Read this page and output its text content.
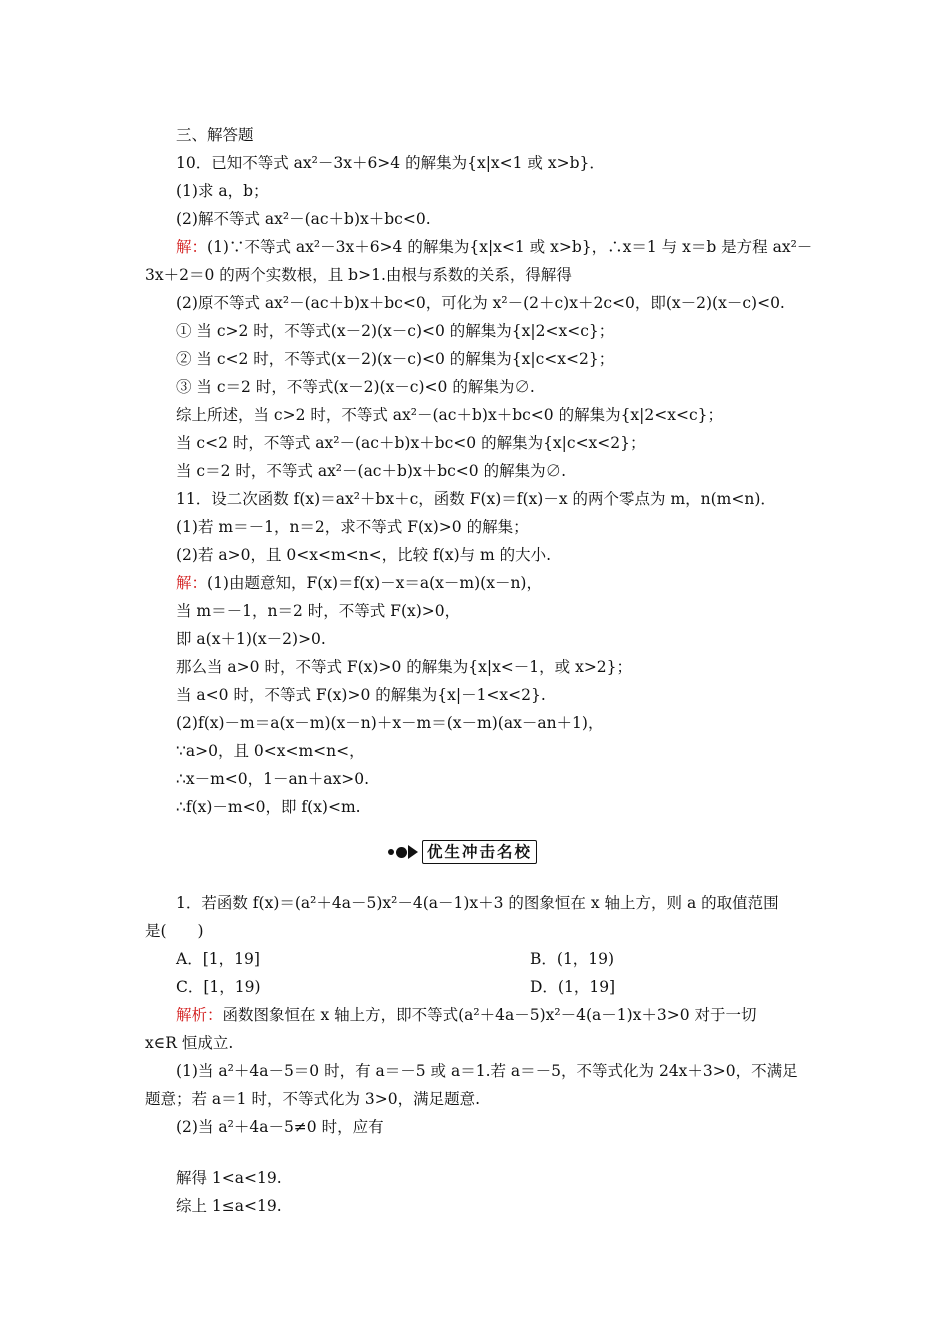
三、解答题
10．已知不等式 ax²－3x＋6>4 的解集为{x|x<1 或 x>b}．
(1)求 a，b；
(2)解不等式 ax²－(ac＋b)x＋bc<0.
解：(1)∵不等式 ax²－3x＋6>4 的解集为{x|x<1 或 x>b}，∴x＝1 与 x＝b 是方程 ax²－
3x＋2＝0 的两个实数根，且 b>1.由根与系数的关系，得解得
(2)原不等式 ax²－(ac＋b)x＋bc<0，可化为 x²－(2＋c)x＋2c<0，即(x－2)(x－c)<0.
① 当 c>2 时，不等式(x－2)(x－c)<0 的解集为{x|2<x<c}；
② 当 c<2 时，不等式(x－2)(x－c)<0 的解集为{x|c<x<2}；
③ 当 c＝2 时，不等式(x－2)(x－c)<0 的解集为∅.
综上所述，当 c>2 时，不等式 ax²－(ac＋b)x＋bc<0 的解集为{x|2<x<c}；
当 c<2 时，不等式 ax²－(ac＋b)x＋bc<0 的解集为{x|c<x<2}；
当 c＝2 时，不等式 ax²－(ac＋b)x＋bc<0 的解集为∅.
11．设二次函数 f(x)＝ax²＋bx＋c，函数 F(x)＝f(x)－x 的两个零点为 m，n(m<n)．
(1)若 m＝－1，n＝2，求不等式 F(x)>0 的解集；
(2)若 a>0，且 0<x<m<n<，比较 f(x)与 m 的大小.
解：(1)由题意知，F(x)＝f(x)－x＝a(x－m)(x－n)，
当 m＝－1，n＝2 时，不等式 F(x)>0，
即 a(x＋1)(x－2)>0.
那么当 a>0 时，不等式 F(x)>0 的解集为{x|x<－1，或 x>2}；
当 a<0 时，不等式 F(x)>0 的解集为{x|－1<x<2}.
(2)f(x)－m＝a(x－m)(x－n)＋x－m＝(x－m)(ax－an＋1)，
∵a>0，且 0<x<m<n<，
∴x－m<0，1－an＋ax>0.
∴f(x)－m<0，即 f(x)<m.
优生冲击名校
1．若函数 f(x)＝(a²＋4a－5)x²－4(a－1)x＋3 的图象恒在 x 轴上方，则 a 的取值范围
是(　　)
A．[1，19]	B．(1，19)
C．[1，19)	D．(1，19]
解析：函数图象恒在 x 轴上方，即不等式(a²＋4a－5)x²－4(a－1)x＋3>0 对于一切
x∈R 恒成立.
(1)当 a²＋4a－5＝0 时，有 a＝－5 或 a＝1.若 a＝－5，不等式化为 24x＋3>0，不满足
题意；若 a＝1 时，不等式化为 3>0，满足题意.
(2)当 a²＋4a－5≠0 时，应有
解得 1<a<19.
综上 1≤a<19.
